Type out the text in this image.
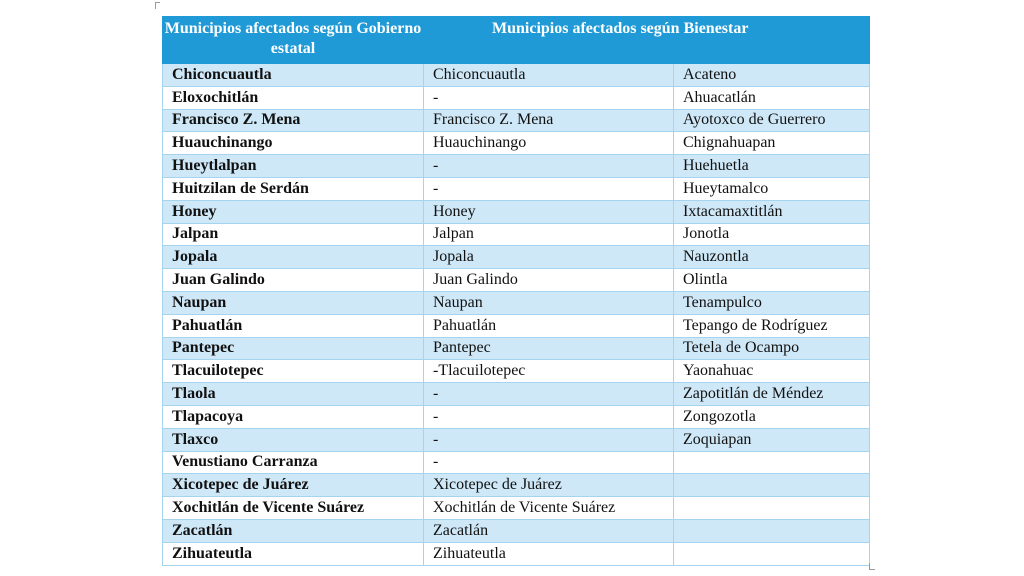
Municipios afectados según Gobierno estatal	Municipios afectados según Bienestar	
Chiconcuautla	Chiconcuautla	Acateno
Eloxochitlán	-	Ahuacatlán
Francisco Z. Mena	Francisco Z. Mena	Ayotoxco de Guerrero
Huauchinango	Huauchinango	Chignahuapan
Hueytlalpan	-	Huehuetla
Huitzilan de Serdán	-	Hueytamalco
Honey	Honey	Ixtacamaxtitlán
Jalpan	Jalpan	Jonotla
Jopala	Jopala	Nauzontla
Juan Galindo	Juan Galindo	Olintla
Naupan	Naupan	Tenampulco
Pahuatlán	Pahuatlán	Tepango de Rodríguez
Pantepec	Pantepec	Tetela de Ocampo
Tlacuilotepec	-Tlacuilotepec	Yaonahuac
Tlaola	-	Zapotitlán de Méndez
Tlapacoya	-	Zongozotla
Tlaxco	-	Zoquiapan
Venustiano Carranza	-	
Xicotepec de Juárez	Xicotepec de Juárez	
Xochitlán de Vicente Suárez	Xochitlán de Vicente Suárez	
Zacatlán	Zacatlán	
Zihuateutla	Zihuateutla	
